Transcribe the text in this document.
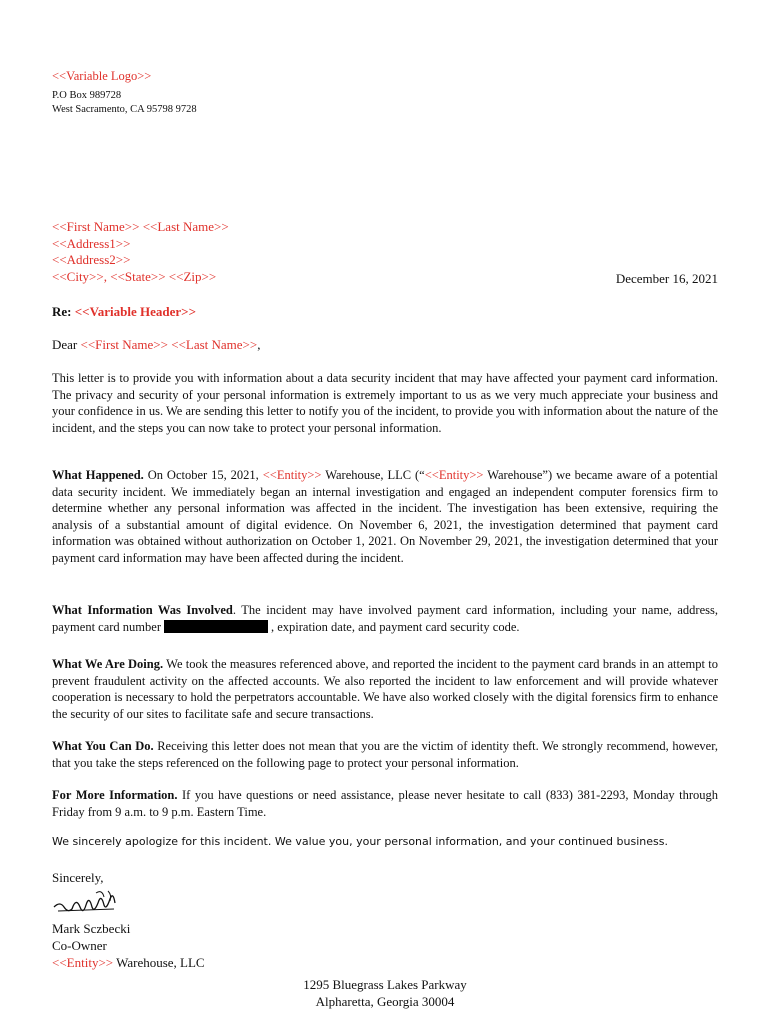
<<Variable Logo>>
P.O Box 989728
West Sacramento, CA 95798 9728
<<First Name>> <<Last Name>>
<<Address1>>
<<Address2>>
<<City>>, <<State>> <<Zip>>	December 16, 2021
Re: <<Variable Header>>
Dear <<First Name>> <<Last Name>>,
This letter is to provide you with information about a data security incident that may have affected your payment card information. The privacy and security of your personal information is extremely important to us as we very much appreciate your business and your confidence in us. We are sending this letter to notify you of the incident, to provide you with information about the nature of the incident, and the steps you can now take to protect your personal information.
What Happened. On October 15, 2021, <<Entity>> Warehouse, LLC (“<<Entity>> Warehouse”) we became aware of a potential data security incident. We immediately began an internal investigation and engaged an independent computer forensics firm to determine whether any personal information was affected in the incident. The investigation has been extensive, requiring the analysis of a substantial amount of digital evidence. On November 6, 2021, the investigation determined that payment card information was obtained without authorization on October 1, 2021. On November 29, 2021, the investigation determined that your payment card information may have been affected during the incident.
What Information Was Involved. The incident may have involved payment card information, including your name, address, payment card number	, expiration date, and payment card security code.
What We Are Doing. We took the measures referenced above, and reported the incident to the payment card brands in an attempt to prevent fraudulent activity on the affected accounts. We also reported the incident to law enforcement and will provide whatever cooperation is necessary to hold the perpetrators accountable. We have also worked closely with the digital forensics firm to enhance the security of our sites to facilitate safe and secure transactions.
What You Can Do. Receiving this letter does not mean that you are the victim of identity theft. We strongly recommend, however, that you take the steps referenced on the following page to protect your personal information.
For More Information. If you have questions or need assistance, please never hesitate to call (833) 381-2293, Monday through Friday from 9 a.m. to 9 p.m. Eastern Time.
We sincerely apologize for this incident. We value you, your personal information, and your continued business.
Sincerely,
Mark Sczbecki
Co-Owner
<<Entity>> Warehouse, LLC
1295 Bluegrass Lakes Parkway
Alpharetta, Georgia 30004
